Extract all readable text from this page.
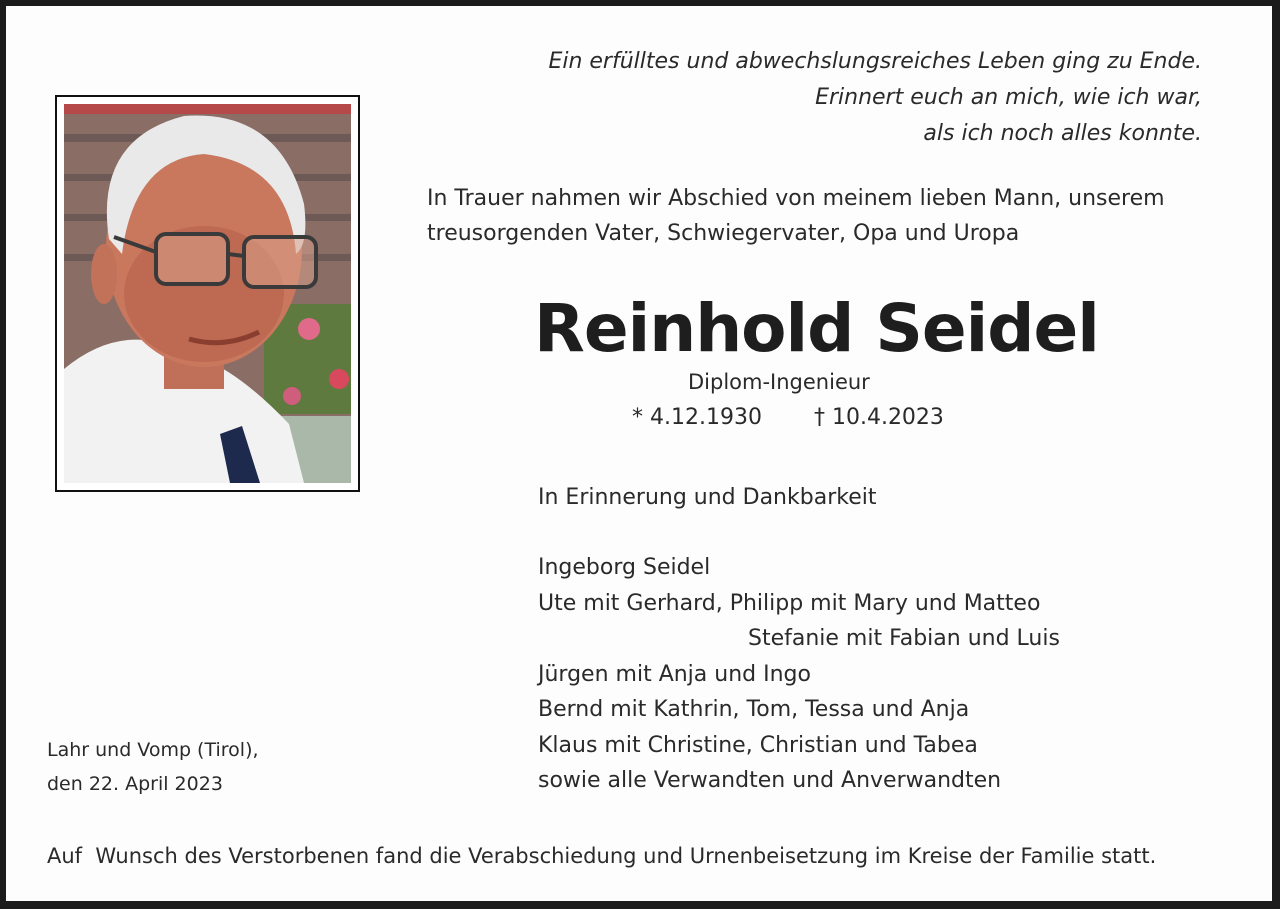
Ein erfülltes und abwechslungsreiches Leben ging zu Ende.
Erinnert euch an mich, wie ich war,
als ich noch alles konnte.
In Trauer nahmen wir Abschied von meinem lieben Mann, unserem
treusorgenden Vater, Schwiegervater, Opa und Uropa
Reinhold Seidel
Diplom-Ingenieur
* 4.12.1930 † 10.4.2023
In Erinnerung und Dankbarkeit
Ingeborg Seidel
Ute mit Gerhard, Philipp mit Mary und Matteo
Stefanie mit Fabian und Luis
Jürgen mit Anja und Ingo
Bernd mit Kathrin, Tom, Tessa und Anja
Klaus mit Christine, Christian und Tabea
sowie alle Verwandten und Anverwandten
Lahr und Vomp (Tirol),
den 22. April 2023
Auf  Wunsch des Verstorbenen fand die Verabschiedung und Urnenbeisetzung im Kreise der Familie statt.
